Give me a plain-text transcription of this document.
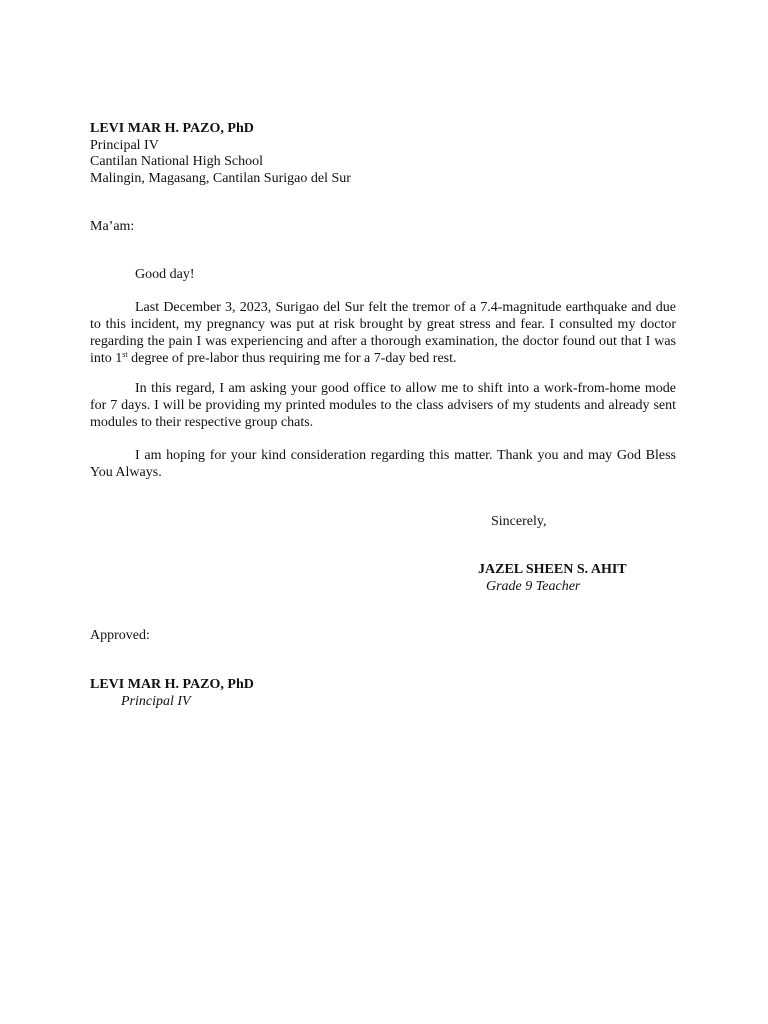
LEVI MAR H. PAZO, PhD
Principal IV
Cantilan National High School
Malingin, Magasang, Cantilan Surigao del Sur
Ma’am:

Good day!

Last December 3, 2023, Surigao del Sur felt the tremor of a 7.4-magnitude earthquake and due to this incident, my pregnancy was put at risk brought by great stress and fear. I consulted my doctor regarding the pain I was experiencing and after a thorough examination, the doctor found out that I was into 1st degree of pre-labor thus requiring me for a 7-day bed rest.

In this regard, I am asking your good office to allow me to shift into a work-from-home mode for 7 days. I will be providing my printed modules to the class advisers of my students and already sent modules to their respective group chats.

I am hoping for your kind consideration regarding this matter. Thank you and may God Bless You Always.

Sincerely,
JAZEL SHEEN S. AHIT
Grade 9 Teacher
Approved:
LEVI MAR H. PAZO, PhD
Principal IV
